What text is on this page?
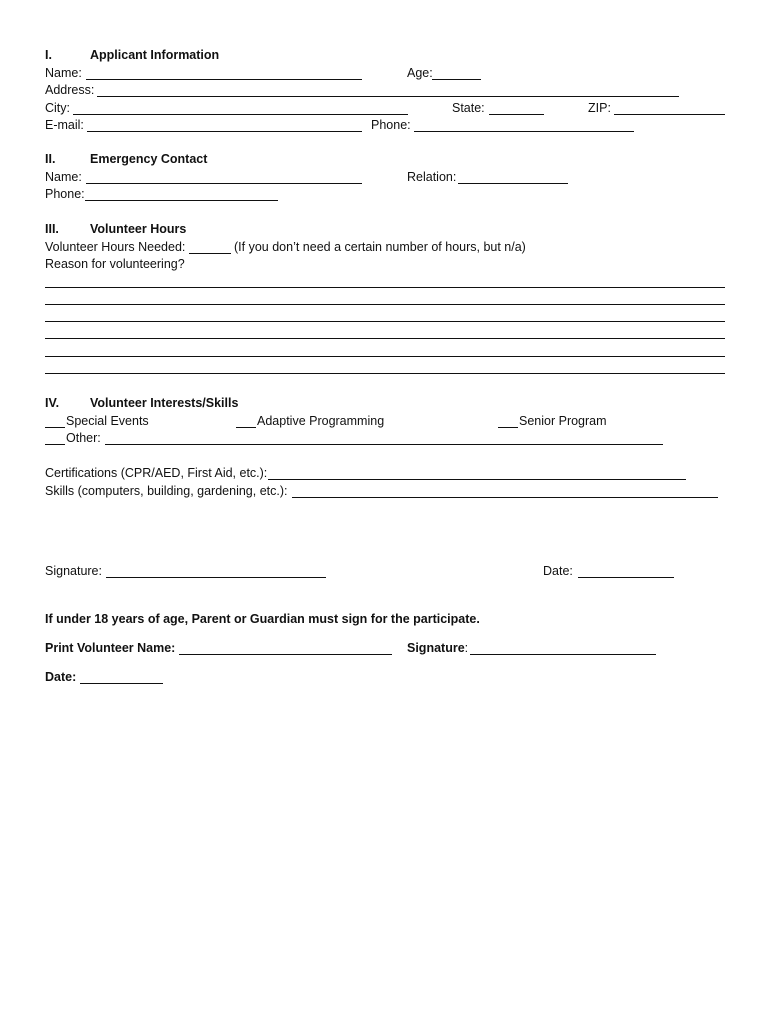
I.	Applicant Information
Name:	Age:
Address:
City:	State:	ZIP:
E-mail:	Phone:
II.	Emergency Contact
Name:	Relation:
Phone:
III. Volunteer Hours
Volunteer Hours Needed:	(If you don’t need a certain number of hours, but n/a)
Reason for volunteering?
IV. Volunteer Interests/Skills
Special Events	Adaptive Programming	Senior Program
Other:
Certifications (CPR/AED, First Aid, etc.):
Skills (computers, building, gardening, etc.):
Signature:	Date:
If under 18 years of age, Parent or Guardian must sign for the participate.
Print Volunteer Name:	Signature:
Date:
